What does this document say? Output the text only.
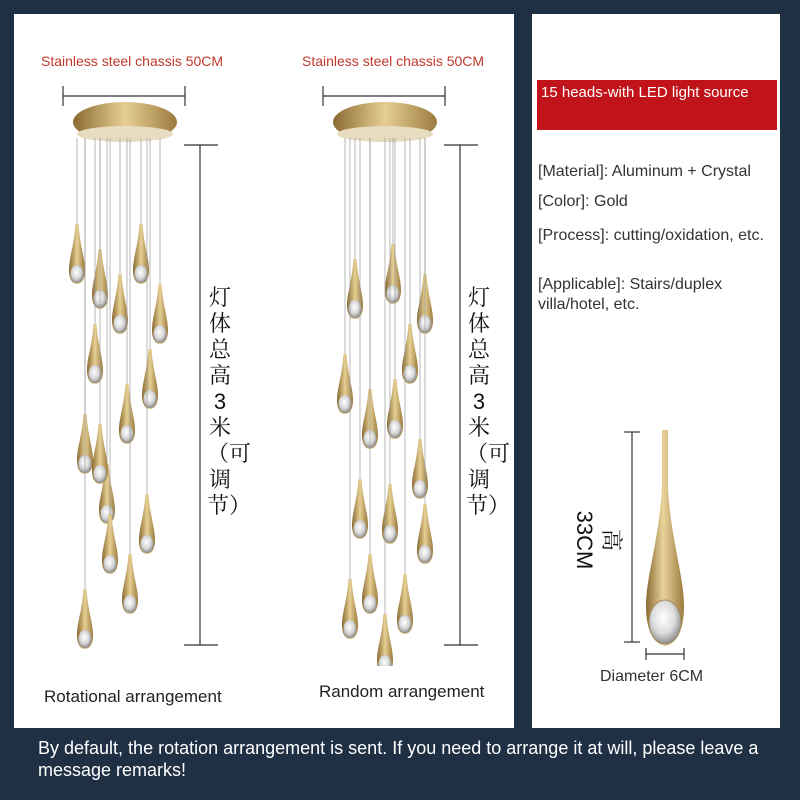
Stainless steel chassis 50CM	Stainless steel chassis 50CM
灯体总高3米（可调节）
灯体总高3米（可调节）
Rotational arrangement	Random arrangement
15 heads-with LED light source
[Material]: Aluminum + Crystal
[Color]: Gold
[Process]: cutting/oxidation, etc.
[Applicable]: Stairs/duplex villa/hotel, etc.
高33CM
Diameter 6CM
By default, the rotation arrangement is sent. If you need to arrange it at will, please leave a message remarks!
